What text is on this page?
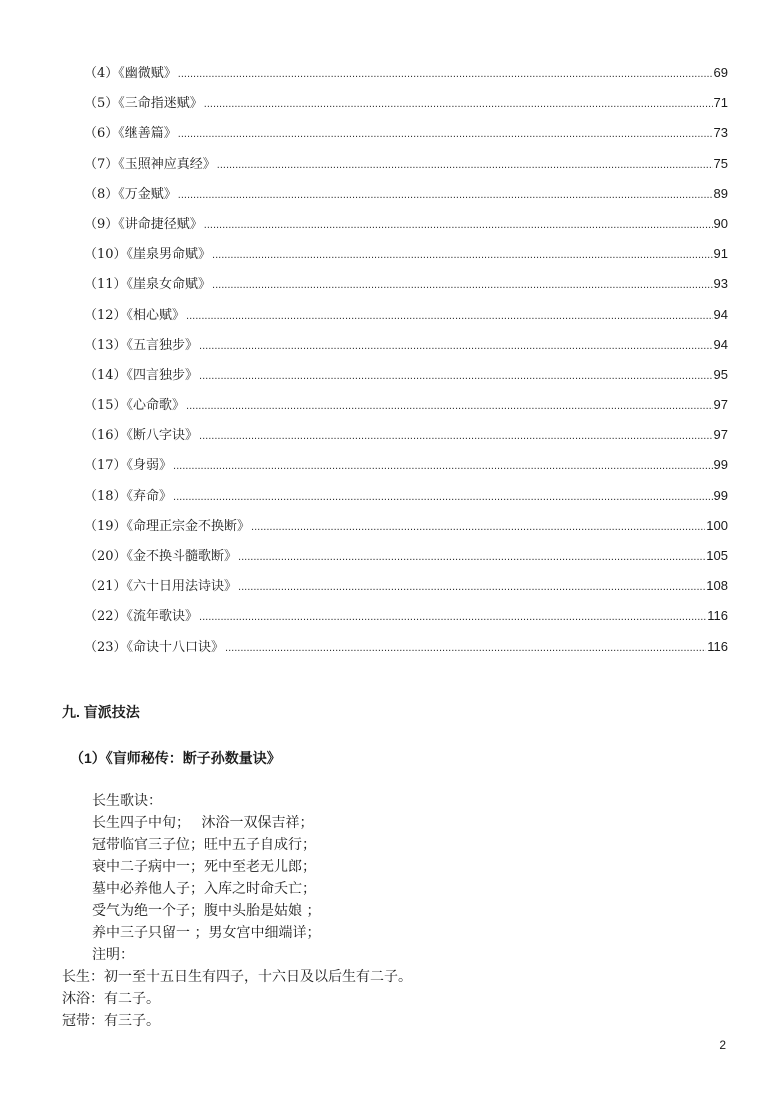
（4）《幽微赋》 .....	69
（5）《三命指迷赋》 .....	71
（6）《继善篇》 .....	73
（7）《玉照神应真经》 .....	75
（8）《万金赋》 .....	89
（9）《讲命捷径赋》 .....	90
（10）《崖泉男命赋》 .....	91
（11）《崖泉女命赋》 .....	93
（12）《相心赋》 .....	94
（13）《五言独步》 .....	94
（14）《四言独步》 .....	95
（15）《心命歌》 .....	97
（16）《断八字诀》 .....	97
（17）《身弱》 .....	99
（18）《弃命》 .....	99
（19）《命理正宗金不换断》 .....	100
（20）《金不换斗髓歌断》 .....	105
（21）《六十日用法诗诀》 .....	108
（22）《流年歌诀》 .....	116
（23）《命诀十八口诀》 .....	116
九. 盲派技法
（1）《盲师秘传：断子孙数量诀》
长生歌诀：
长生四子中旬；　 沐浴一双保吉祥；
冠带临官三子位；旺中五子自成行；
衰中二子病中一；死中至老无儿郎；
墓中必养他人子；入库之时命夭亡；
受气为绝一个子；腹中头胎是姑娘 ；
养中三子只留一 ；男女宫中细端详；
注明：
长生：初一至十五日生有四子，十六日及以后生有二子。
沐浴：有二子。
冠带：有三子。
2
